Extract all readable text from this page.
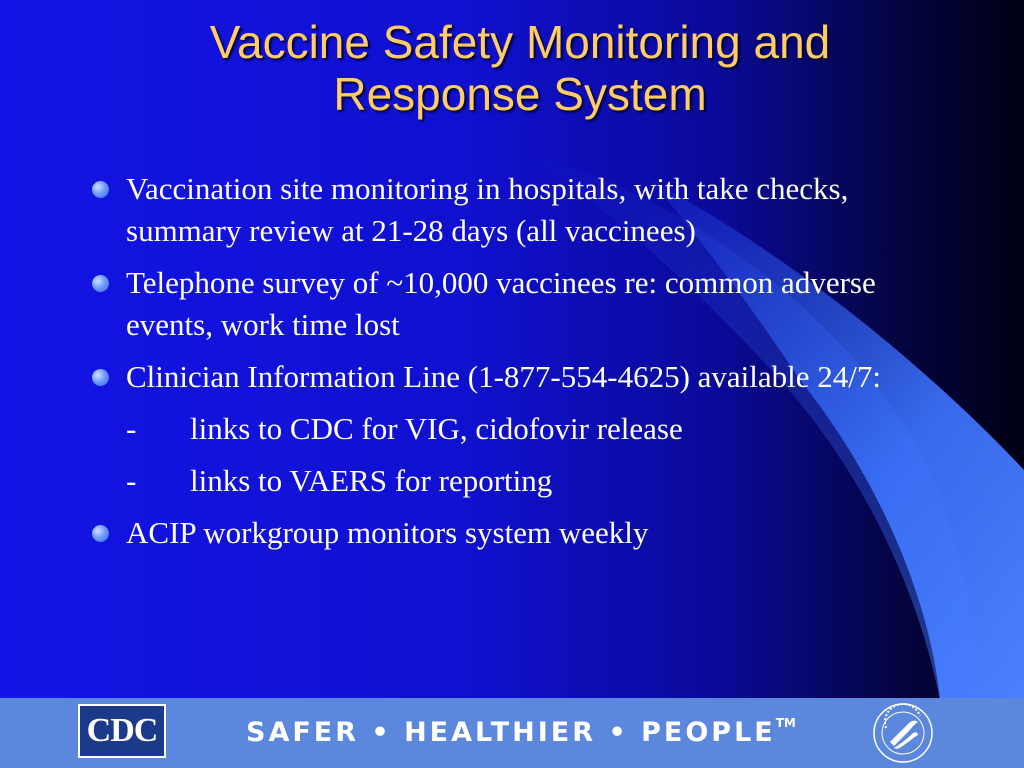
Vaccine Safety Monitoring and
Response System
Vaccination site monitoring in hospitals, with take checks, summary review at 21-28 days (all vaccinees)
Telephone survey of ~10,000 vaccinees re: common adverse events, work time lost
Clinician Information Line (1-877-554-4625) available 24/7:
- links to CDC for VIG, cidofovir release
- links to VAERS for reporting
ACIP workgroup monitors system weekly
CDC	SAFER • HEALTHIER • PEOPLE™
